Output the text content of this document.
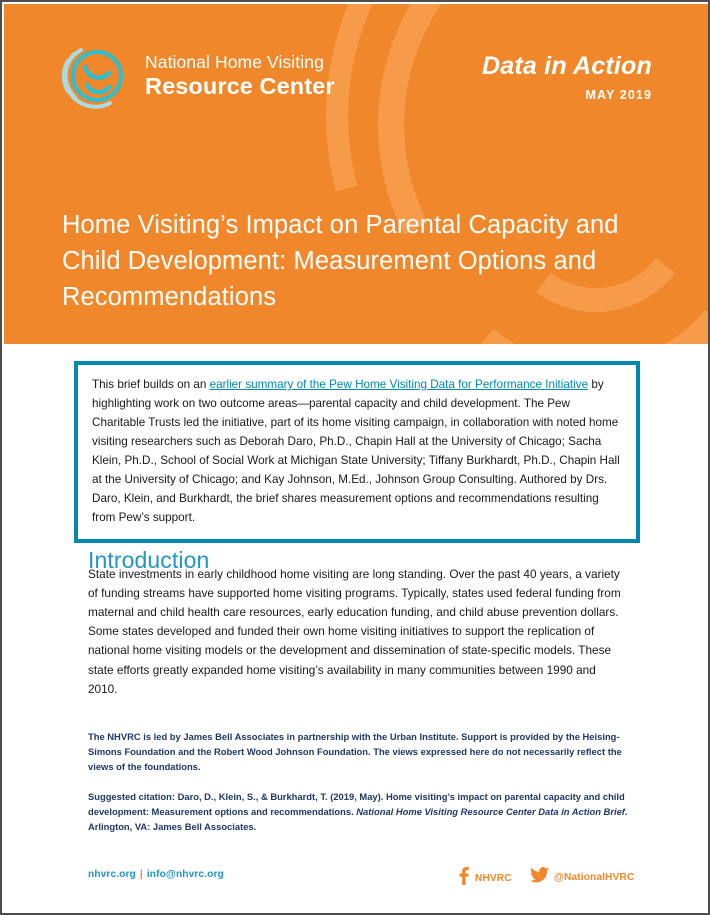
National Home Visiting
Resource Center
Data in Action
MAY 2019
Home Visiting’s Impact on Parental Capacity and Child Development: Measurement Options and Recommendations

This brief builds on an earlier summary of the Pew Home Visiting Data for Performance Initiative by highlighting work on two outcome areas—parental capacity and child development. The Pew Charitable Trusts led the initiative, part of its home visiting campaign, in collaboration with noted home visiting researchers such as Deborah Daro, Ph.D., Chapin Hall at the University of Chicago; Sacha Klein, Ph.D., School of Social Work at Michigan State University; Tiffany Burkhardt, Ph.D., Chapin Hall at the University of Chicago; and Kay Johnson, M.Ed., Johnson Group Consulting. Authored by Drs. Daro, Klein, and Burkhardt, the brief shares measurement options and recommendations resulting from Pew’s support.

Introduction

State investments in early childhood home visiting are long standing. Over the past 40 years, a variety of funding streams have supported home visiting programs. Typically, states used federal funding from maternal and child health care resources, early education funding, and child abuse prevention dollars. Some states developed and funded their own home visiting initiatives to support the replication of national home visiting models or the development and dissemination of state-specific models. These state efforts greatly expanded home visiting’s availability in many communities between 1990 and 2010.

The NHVRC is led by James Bell Associates in partnership with the Urban Institute. Support is provided by the Heising-Simons Foundation and the Robert Wood Johnson Foundation. The views expressed here do not necessarily reflect the views of the foundations.

Suggested citation: Daro, D., Klein, S., & Burkhardt, T. (2019, May). Home visiting’s impact on parental capacity and child development: Measurement options and recommendations. National Home Visiting Resource Center Data in Action Brief. Arlington, VA: James Bell Associates.

nhvrc.org | info@nhvrc.org	NHVRC	@NationalHVRC
